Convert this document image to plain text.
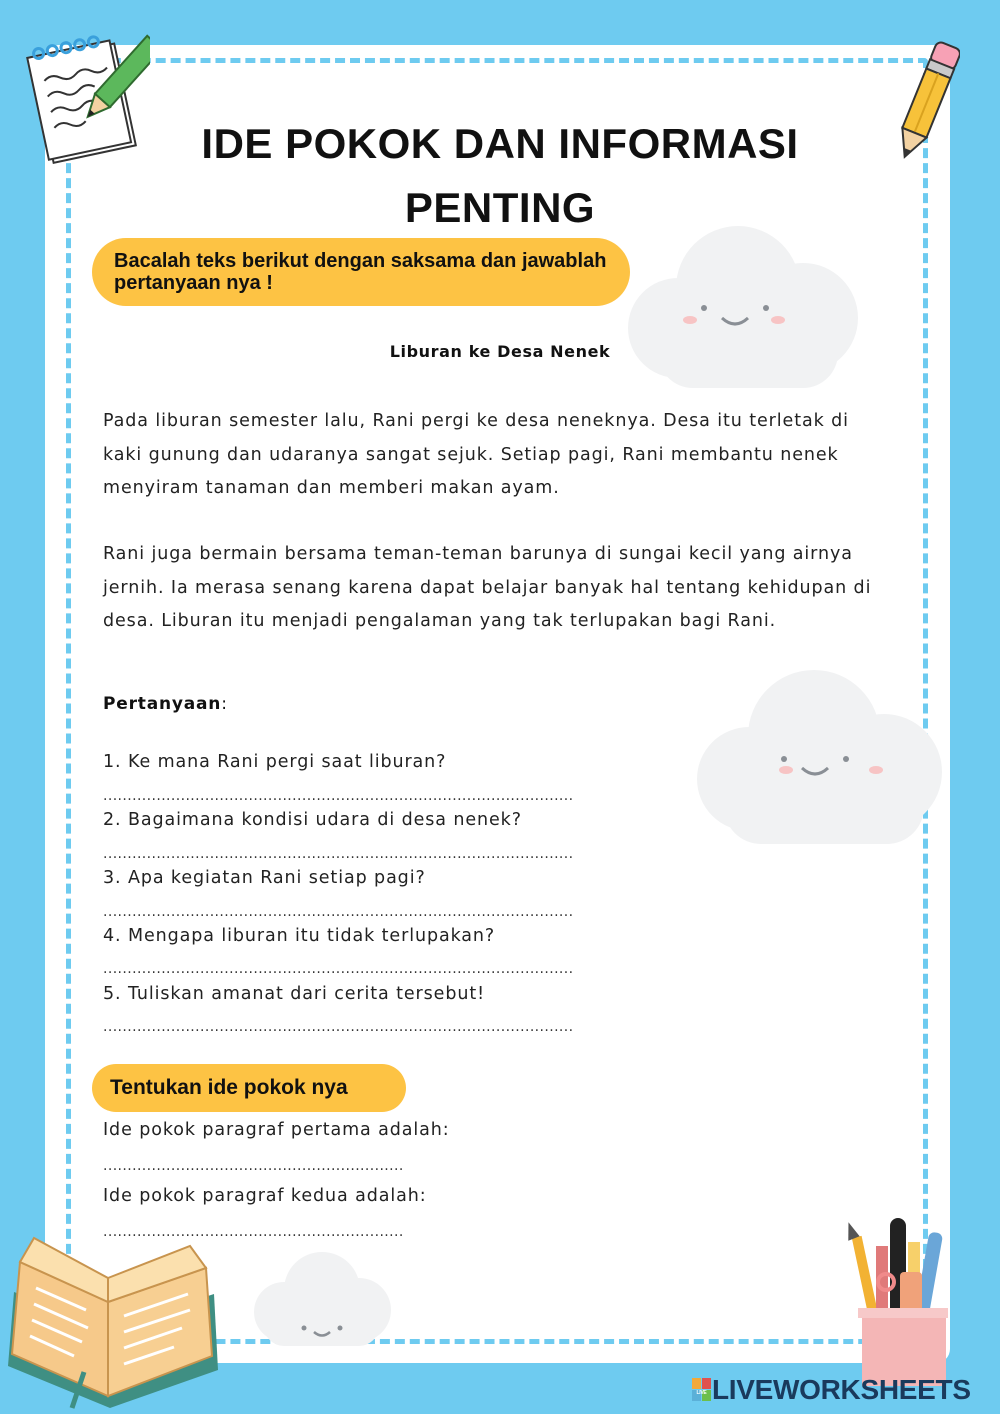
IDE POKOK DAN INFORMASI PENTING
Bacalah teks berikut dengan saksama dan jawablah pertanyaan nya !
Liburan ke Desa Nenek
Pada liburan semester lalu, Rani pergi ke desa neneknya. Desa itu terletak di kaki gunung dan udaranya sangat sejuk. Setiap pagi, Rani membantu nenek menyiram tanaman dan memberi makan ayam.
Rani juga bermain bersama teman-teman barunya di sungai kecil yang airnya jernih. Ia merasa senang karena dapat belajar banyak hal tentang kehidupan di desa. Liburan itu menjadi pengalaman yang tak terlupakan bagi Rani.
Pertanyaan:
1. Ke mana Rani pergi saat liburan?
.................................................................................................
2. Bagaimana kondisi udara di desa nenek?
.................................................................................................
3. Apa kegiatan Rani setiap pagi?
.................................................................................................
4. Mengapa liburan itu tidak terlupakan?
.................................................................................................
5. Tuliskan amanat dari cerita tersebut!
.................................................................................................
Tentukan ide pokok nya
Ide pokok paragraf pertama adalah:
..............................................................
Ide pokok paragraf kedua adalah:
..............................................................
LIVE LIVEWORKSHEETS
